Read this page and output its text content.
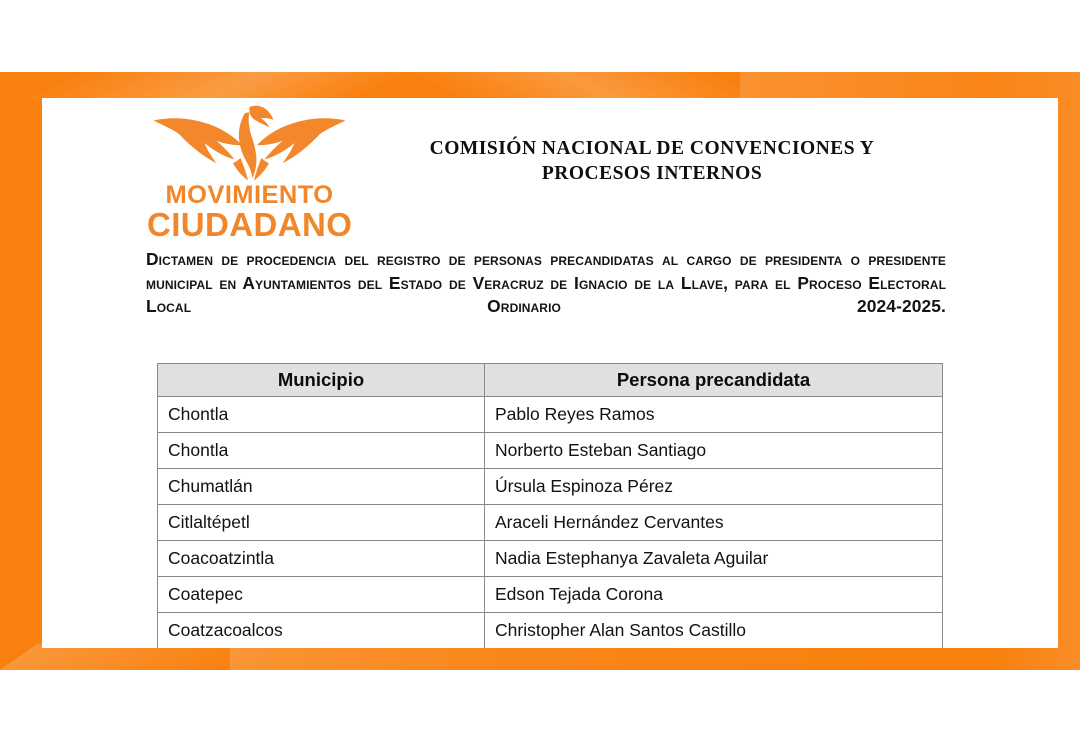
MOVIMIENTO
CIUDADANO
COMISIÓN NACIONAL DE CONVENCIONES Y
PROCESOS INTERNOS
Dictamen de procedencia del registro de personas precandidatas al cargo de presidenta o presidente municipal en Ayuntamientos del Estado de Veracruz de Ignacio de la Llave, para el Proceso Electoral Local Ordinario 2024-2025.
Municipio	Persona precandidata
Chontla	Pablo Reyes Ramos
Chontla	Norberto Esteban Santiago
Chumatlán	Úrsula Espinoza Pérez
Citlaltépetl	Araceli Hernández Cervantes
Coacoatzintla	Nadia Estephanya Zavaleta Aguilar
Coatepec	Edson Tejada Corona
Coatzacoalcos	Christopher Alan Santos Castillo
